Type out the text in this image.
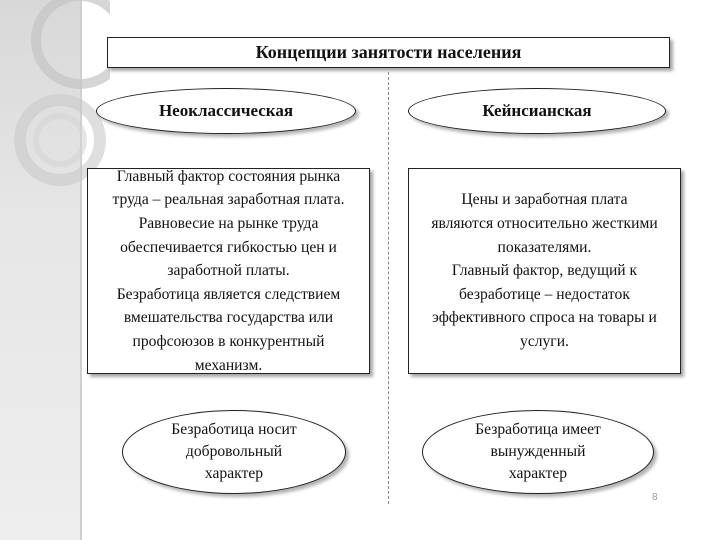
Концепции занятости населения
Неоклассическая	Кейнсианская
Главный фактор состояния рынка
труда – реальная заработная плата.
Равновесие на рынке труда
обеспечивается гибкостью цен и
заработной платы.
Безработица является следствием
вмешательства государства или
профсоюзов в конкурентный
механизм.
Цены и заработная плата
являются относительно жесткими
показателями.
Главный фактор, ведущий к
безработице – недостаток
эффективного спроса на товары и
услуги.
Безработица носит
добровольный
характер
Безработица имеет
вынужденный
характер
8
